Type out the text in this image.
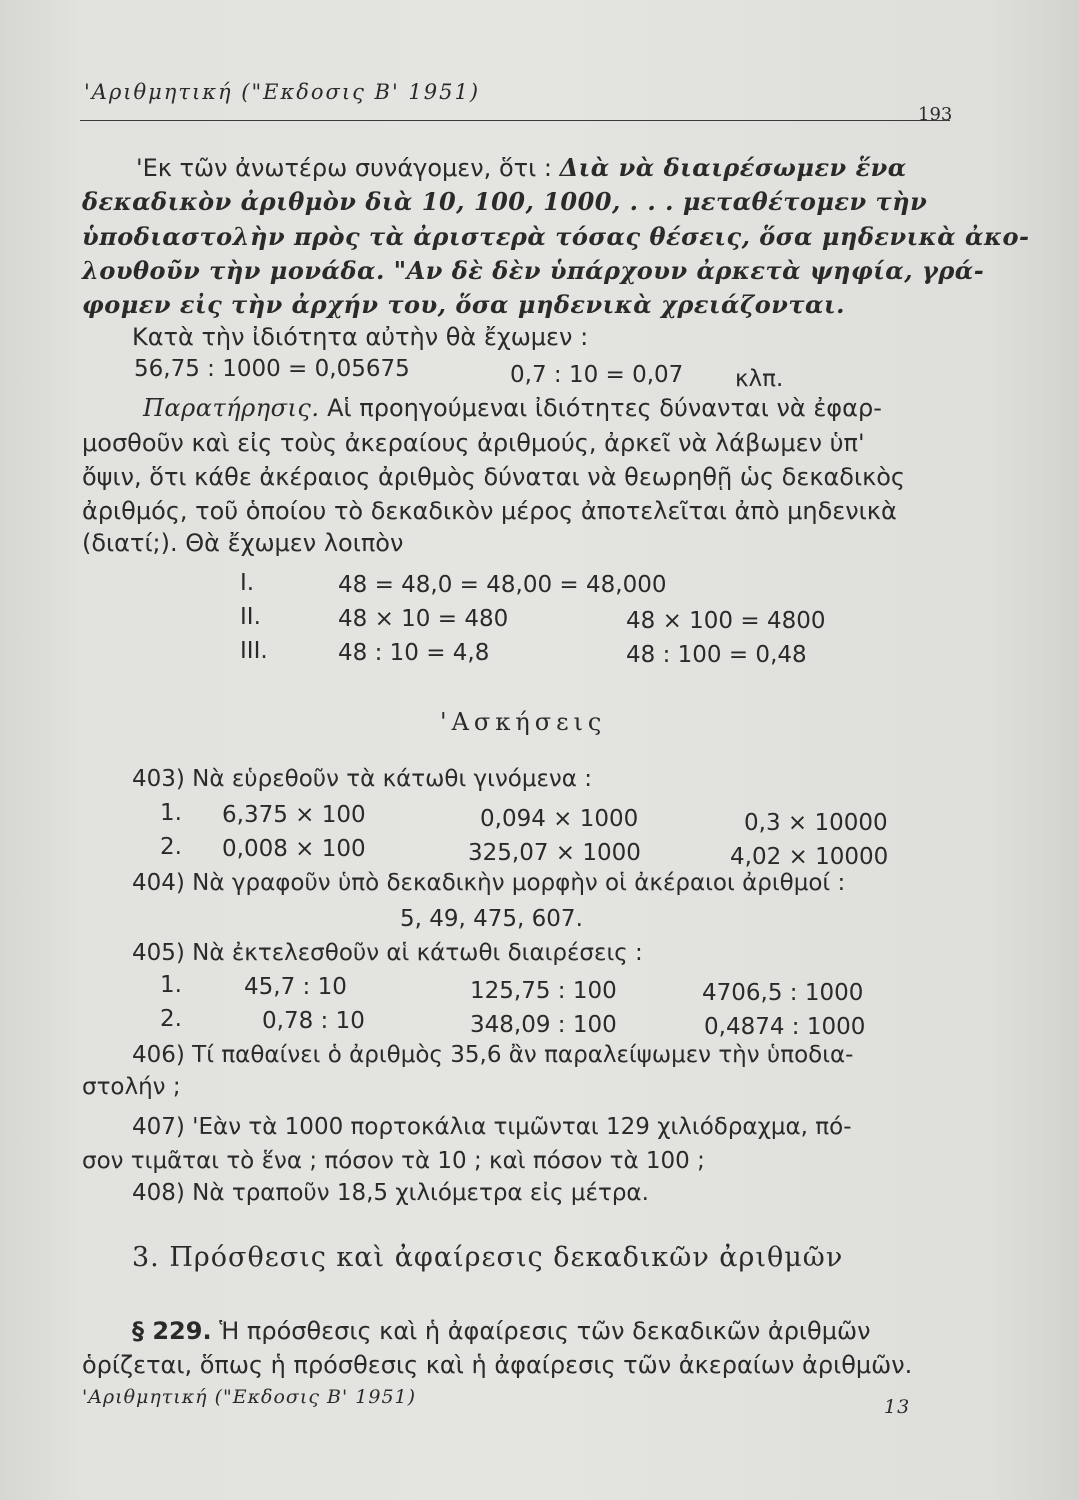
'Αριθμητική ("Εκδοσις Β' 1951)
193
'Εκ τῶν ἀνωτέρω συνάγομεν, ὅτι : Διὰ νὰ διαιρέσωμεν ἕνα
δεκαδικὸν ἀριθμὸν διὰ 10, 100, 1000, . . . μεταθέτομεν τὴν
ὑποδιαστολὴν πρὸς τὰ ἀριστερὰ τόσας θέσεις, ὅσα μηδενικὰ ἀκο-
λουθοῦν τὴν μονάδα. "Αν δὲ δὲν ὑπάρχουν ἀρκετὰ ψηφία, γρά-
φομεν εἰς τὴν ἀρχήν του, ὅσα μηδενικὰ χρειάζονται.
Κατὰ τὴν ἰδιότητα αὐτὴν θὰ ἔχωμεν :
56,75 : 1000 = 0,05675	0,7 : 10 = 0,07 κλπ.
Παρατήρησις. Αἱ προηγούμεναι ἰδιότητες δύνανται νὰ ἐφαρ-
μοσθοῦν καὶ εἰς τοὺς ἀκεραίους ἀριθμούς, ἀρκεῖ νὰ λάβωμεν ὑπ'
ὄψιν, ὅτι κάθε ἀκέραιος ἀριθμὸς δύναται νὰ θεωρηθῇ ὡς δεκαδικὸς
ἀριθμός, τοῦ ὁποίου τὸ δεκαδικὸν μέρος ἀποτελεῖται ἀπὸ μηδενικὰ
(διατί;). Θὰ ἔχωμεν λοιπὸν
I.	48 = 48,0 = 48,00 = 48,000
II.	48 × 10 = 480	48 × 100 = 4800
III.	48 : 10 = 4,8	48 : 100 = 0,48
'Ασκήσεις
403) Νὰ εὑρεθοῦν τὰ κάτωθι γινόμενα :
1. 6,375 × 100	0,094 × 1000	0,3 × 10000
2. 0,008 × 100	325,07 × 1000	4,02 × 10000
404) Νὰ γραφοῦν ὑπὸ δεκαδικὴν μορφὴν οἱ ἀκέραιοι ἀριθμοί :
5, 49, 475, 607.
405) Νὰ ἐκτελεσθοῦν αἱ κάτωθι διαιρέσεις :
1.	45,7 : 10	125,75 : 100	4706,5 : 1000
2.	0,78 : 10	348,09 : 100	0,4874 : 1000
406) Τί παθαίνει ὁ ἀριθμὸς 35,6 ἂν παραλείψωμεν τὴν ὑποδια-
στολήν ;
407) 'Εὰν τὰ 1000 πορτοκάλια τιμῶνται 129 χιλιόδραχμα, πό-
σον τιμᾶται τὸ ἕνα ; πόσον τὰ 10 ; καὶ πόσον τὰ 100 ;
408) Νὰ τραποῦν 18,5 χιλιόμετρα εἰς μέτρα.
3. Πρόσθεσις καὶ ἀφαίρεσις δεκαδικῶν ἀριθμῶν
§ 229. Ἡ πρόσθεσις καὶ ἡ ἀφαίρεσις τῶν δεκαδικῶν ἀριθμῶν
ὁρίζεται, ὅπως ἡ πρόσθεσις καὶ ἡ ἀφαίρεσις τῶν ἀκεραίων ἀριθμῶν.
'Αριθμητική ("Εκδοσις Β' 1951)	13
